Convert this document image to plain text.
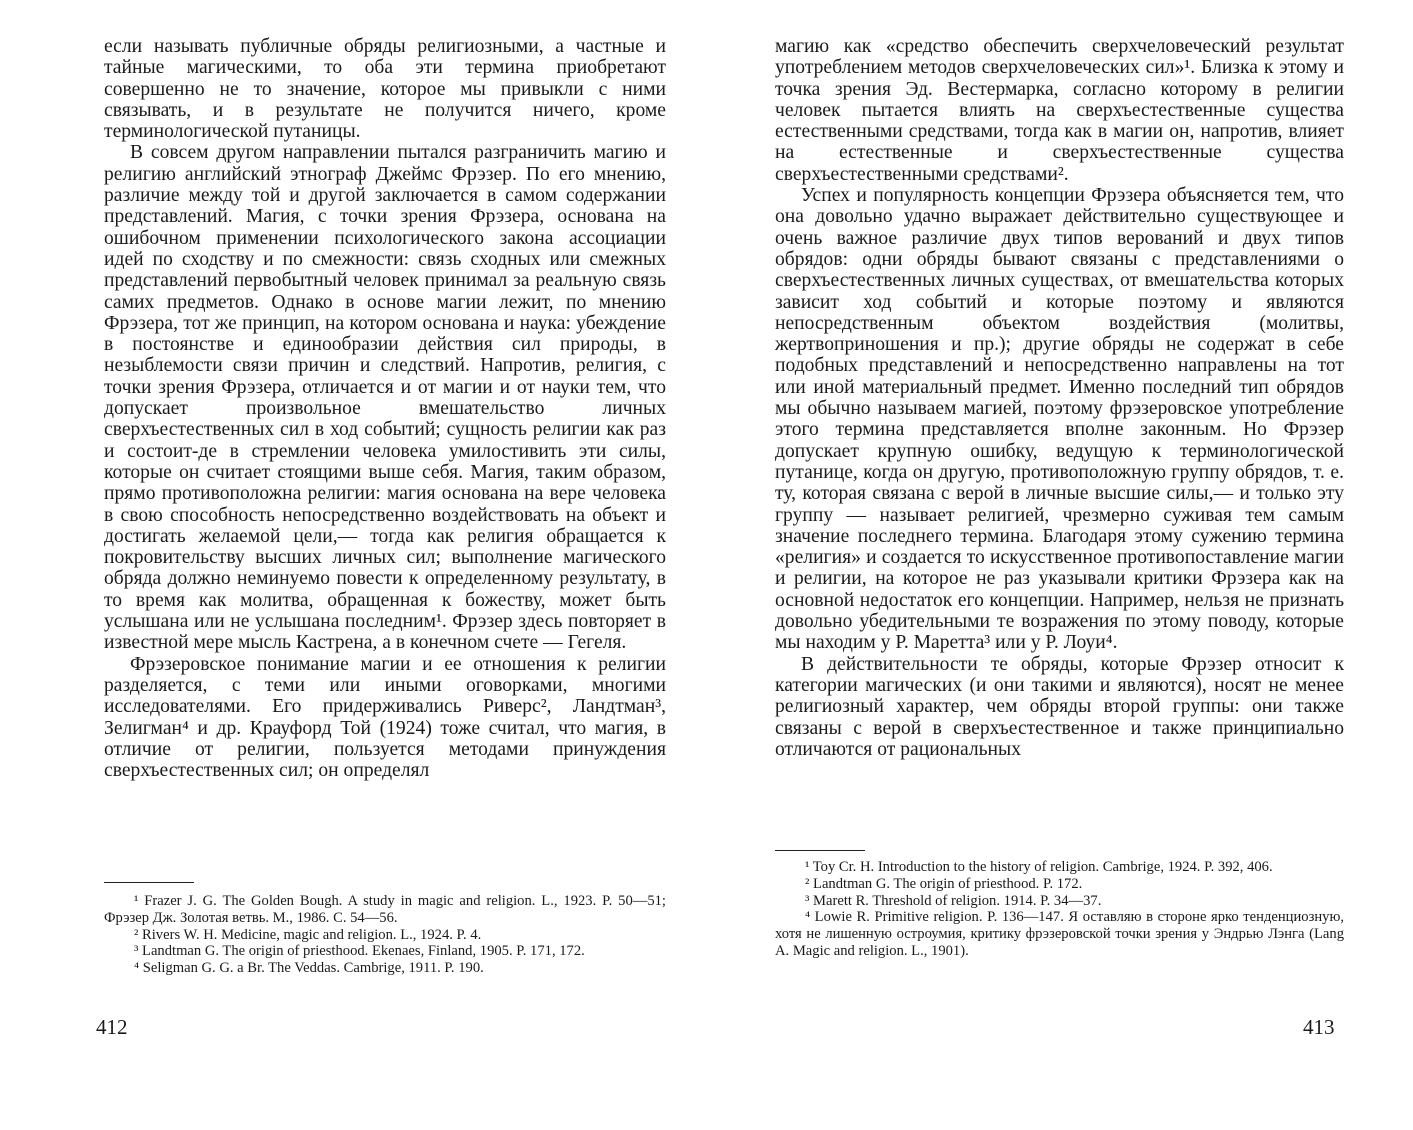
если называть публичные обряды религиозными, а частные и тайные магическими, то оба эти термина приобретают совершенно не то значение, которое мы привыкли с ними связывать, и в результате не получится ничего, кроме терминологической путаницы.

В совсем другом направлении пытался разграничить магию и религию английский этнограф Джеймс Фрэзер. По его мнению, различие между той и другой заключается в самом содержании представлений. Магия, с точки зрения Фрэзера, основана на ошибочном применении психологического закона ассоциации идей по сходству и по смежности: связь сходных или смежных представлений первобытный человек принимал за реальную связь самих предметов. Однако в основе магии лежит, по мнению Фрэзера, тот же принцип, на котором основана и наука: убеждение в постоянстве и единообразии действия сил природы, в незыблемости связи причин и следствий. Напротив, религия, с точки зрения Фрэзера, отличается и от магии и от науки тем, что допускает произвольное вмешательство личных сверхъестественных сил в ход событий; сущность религии как раз и состоит-де в стремлении человека умилостивить эти силы, которые он считает стоящими выше себя. Магия, таким образом, прямо противоположна религии: магия основана на вере человека в свою способность непосредственно воздействовать на объект и достигать желаемой цели,— тогда как религия обращается к покровительству высших личных сил; выполнение магического обряда должно неминуемо повести к определенному результату, в то время как молитва, обращенная к божеству, может быть услышана или не услышана последним¹. Фрэзер здесь повторяет в известной мере мысль Кастрена, а в конечном счете — Гегеля.

Фрэзеровское понимание магии и ее отношения к религии разделяется, с теми или иными оговорками, многими исследователями. Его придерживались Риверс², Ландтман³, Зелигман⁴ и др. Крауфорд Той (1924) тоже считал, что магия, в отличие от религии, пользуется методами принуждения сверхъестественных сил; он определял

¹ Frazer J. G. The Golden Bough. A study in magic and religion. L., 1923. P. 50—51; Фрэзер Дж. Золотая ветвь. М., 1986. С. 54—56.

² Rivers W. H. Medicine, magic and religion. L., 1924. P. 4.

³ Landtman G. The origin of priesthood. Ekenaes, Finland, 1905. P. 171, 172.

⁴ Seligman G. G. a Br. The Veddas. Cambrige, 1911. P. 190.

412

магию как «средство обеспечить сверхчеловеческий результат употреблением методов сверхчеловеческих сил»¹. Близка к этому и точка зрения Эд. Вестермарка, согласно которому в религии человек пытается влиять на сверхъестественные существа естественными средствами, тогда как в магии он, напротив, влияет на естественные и сверхъестественные существа сверхъестественными средствами².

Успех и популярность концепции Фрэзера объясняется тем, что она довольно удачно выражает действительно существующее и очень важное различие двух типов верований и двух типов обрядов: одни обряды бывают связаны с представлениями о сверхъестественных личных существах, от вмешательства которых зависит ход событий и которые поэтому и являются непосредственным объектом воздействия (молитвы, жертвоприношения и пр.); другие обряды не содержат в себе подобных представлений и непосредственно направлены на тот или иной материальный предмет. Именно последний тип обрядов мы обычно называем магией, поэтому фрэзеровское употребление этого термина представляется вполне законным. Но Фрэзер допускает крупную ошибку, ведущую к терминологической путанице, когда он другую, противоположную группу обрядов, т. е. ту, которая связана с верой в личные высшие силы,— и только эту группу — называет религией, чрезмерно суживая тем самым значение последнего термина. Благодаря этому сужению термина «религия» и создается то искусственное противопоставление магии и религии, на которое не раз указывали критики Фрэзера как на основной недостаток его концепции. Например, нельзя не признать довольно убедительными те возражения по этому поводу, которые мы находим у Р. Маретта³ или у Р. Лоуи⁴.

В действительности те обряды, которые Фрэзер относит к категории магических (и они такими и являются), носят не менее религиозный характер, чем обряды второй группы: они также связаны с верой в сверхъестественное и также принципиально отличаются от рациональных

¹ Toy Cr. H. Introduction to the history of religion. Cambrige, 1924. P. 392, 406.

² Landtman G. The origin of priesthood. P. 172.

³ Marett R. Threshold of religion. 1914. P. 34—37.

⁴ Lowie R. Primitive religion. P. 136—147. Я оставляю в стороне ярко тенденциозную, хотя не лишенную остроумия, критику фрэзеровской точки зрения у Эндрью Лэнга (Lang A. Magic and religion. L., 1901).

413
